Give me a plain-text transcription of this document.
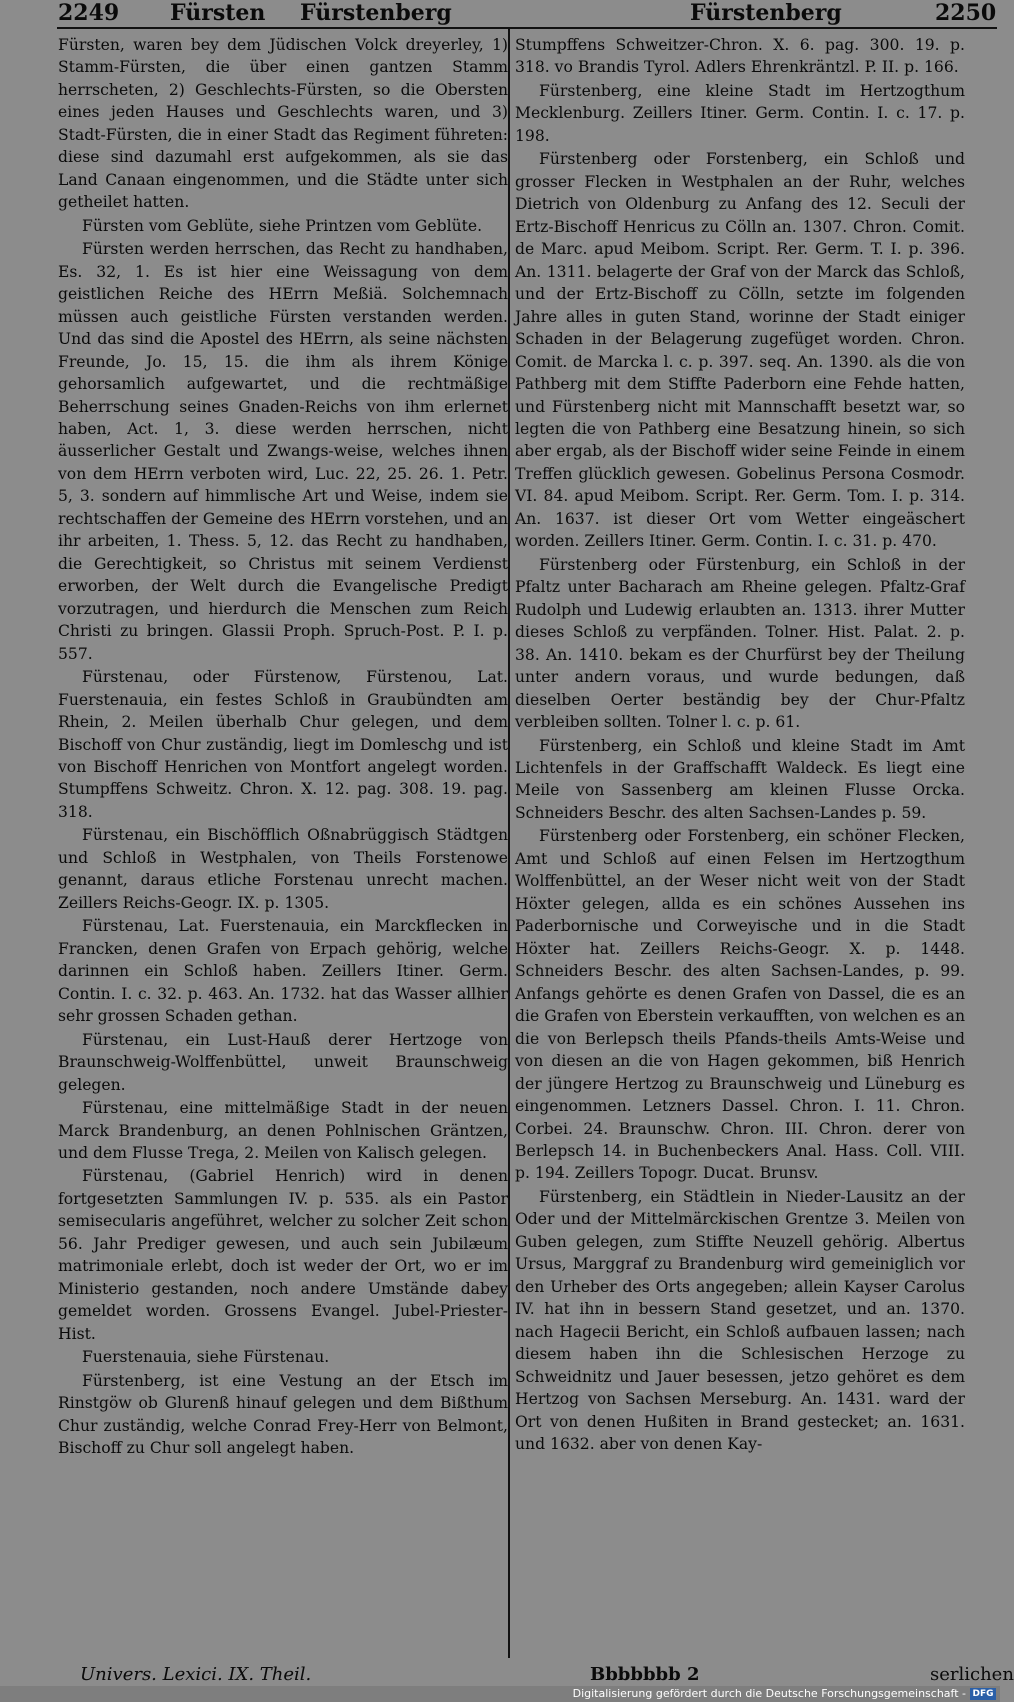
2249 Fürsten Fürstenberg	Fürstenberg	2250

Fürsten, waren bey dem Jüdischen Volck dreyerley, 1) Stamm-Fürsten, die über einen gantzen Stamm herrscheten, 2) Geschlechts-Fürsten, so die Obersten eines jeden Hauses und Geschlechts waren, und 3) Stadt-Fürsten, die in einer Stadt das Regiment führeten: diese sind dazumahl erst aufgekommen, als sie das Land Canaan eingenommen, und die Städte unter sich getheilet hatten.

Fürsten vom Geblüte, siehe Printzen vom Geblüte.

Fürsten werden herrschen, das Recht zu handhaben, Es. 32, 1. Es ist hier eine Weissagung von dem geistlichen Reiche des HErrn Meßiä. Solchemnach müssen auch geistliche Fürsten verstanden werden. Und das sind die Apostel des HErrn, als seine nächsten Freunde, Jo. 15, 15. die ihm als ihrem Könige gehorsamlich aufgewartet, und die rechtmäßige Beherrschung seines Gnaden-Reichs von ihm erlernet haben, Act. 1, 3. diese werden herrschen, nicht äusserlicher Gestalt und Zwangs-weise, welches ihnen von dem HErrn verboten wird, Luc. 22, 25. 26. 1. Petr. 5, 3. sondern auf himmlische Art und Weise, indem sie rechtschaffen der Gemeine des HErrn vorstehen, und an ihr arbeiten, 1. Thess. 5, 12. das Recht zu handhaben, die Gerechtigkeit, so Christus mit seinem Verdienst erworben, der Welt durch die Evangelische Predigt vorzutragen, und hierdurch die Menschen zum Reich Christi zu bringen. Glassii Proph. Spruch-Post. P. I. p. 557.

Fürstenau, oder Fürstenow, Fürstenou, Lat. Fuerstenauia, ein festes Schloß in Graubündten am Rhein, 2. Meilen überhalb Chur gelegen, und dem Bischoff von Chur zuständig, liegt im Domleschg und ist von Bischoff Henrichen von Montfort angelegt worden. Stumpffens Schweitz. Chron. X. 12. pag. 308. 19. pag. 318.

Fürstenau, ein Bischöfflich Oßnabrüggisch Städtgen und Schloß in Westphalen, von Theils Forstenowe genannt, daraus etliche Forstenau unrecht machen. Zeillers Reichs-Geogr. IX. p. 1305.

Fürstenau, Lat. Fuerstenauia, ein Marckflecken in Francken, denen Grafen von Erpach gehörig, welche darinnen ein Schloß haben. Zeillers Itiner. Germ. Contin. I. c. 32. p. 463. An. 1732. hat das Wasser allhier sehr grossen Schaden gethan.

Fürstenau, ein Lust-Hauß derer Hertzoge von Braunschweig-Wolffenbüttel, unweit Braunschweig gelegen.

Fürstenau, eine mittelmäßige Stadt in der neuen Marck Brandenburg, an denen Pohlnischen Gräntzen, und dem Flusse Trega, 2. Meilen von Kalisch gelegen.

Fürstenau, (Gabriel Henrich) wird in denen fortgesetzten Sammlungen IV. p. 535. als ein Pastor semisecularis angeführet, welcher zu solcher Zeit schon 56. Jahr Prediger gewesen, und auch sein Jubilæum matrimoniale erlebt, doch ist weder der Ort, wo er im Ministerio gestanden, noch andere Umstände dabey gemeldet worden. Grossens Evangel. Jubel-Priester-Hist.

Fuerstenauia, siehe Fürstenau.

Fürstenberg, ist eine Vestung an der Etsch im Rinstgöw ob Glurenß hinauf gelegen und dem Bißthum Chur zuständig, welche Conrad Frey-Herr von Belmont, Bischoff zu Chur soll angelegt haben.

Stumpffens Schweitzer-Chron. X. 6. pag. 300. 19. p. 318. vo Brandis Tyrol. Adlers Ehrenkräntzl. P. II. p. 166.

Fürstenberg, eine kleine Stadt im Hertzogthum Mecklenburg. Zeillers Itiner. Germ. Contin. I. c. 17. p. 198.

Fürstenberg oder Forstenberg, ein Schloß und grosser Flecken in Westphalen an der Ruhr, welches Dietrich von Oldenburg zu Anfang des 12. Seculi der Ertz-Bischoff Henricus zu Cölln an. 1307. Chron. Comit. de Marc. apud Meibom. Script. Rer. Germ. T. I. p. 396. An. 1311. belagerte der Graf von der Marck das Schloß, und der Ertz-Bischoff zu Cölln, setzte im folgenden Jahre alles in guten Stand, worinne der Stadt einiger Schaden in der Belagerung zugefüget worden. Chron. Comit. de Marcka l. c. p. 397. seq. An. 1390. als die von Pathberg mit dem Stiffte Paderborn eine Fehde hatten, und Fürstenberg nicht mit Mannschafft besetzt war, so legten die von Pathberg eine Besatzung hinein, so sich aber ergab, als der Bischoff wider seine Feinde in einem Treffen glücklich gewesen. Gobelinus Persona Cosmodr. VI. 84. apud Meibom. Script. Rer. Germ. Tom. I. p. 314. An. 1637. ist dieser Ort vom Wetter eingeäschert worden. Zeillers Itiner. Germ. Contin. I. c. 31. p. 470.

Fürstenberg oder Fürstenburg, ein Schloß in der Pfaltz unter Bacharach am Rheine gelegen. Pfaltz-Graf Rudolph und Ludewig erlaubten an. 1313. ihrer Mutter dieses Schloß zu verpfänden. Tolner. Hist. Palat. 2. p. 38. An. 1410. bekam es der Churfürst bey der Theilung unter andern voraus, und wurde bedungen, daß dieselben Oerter beständig bey der Chur-Pfaltz verbleiben sollten. Tolner l. c. p. 61.

Fürstenberg, ein Schloß und kleine Stadt im Amt Lichtenfels in der Graffschafft Waldeck. Es liegt eine Meile von Sassenberg am kleinen Flusse Orcka. Schneiders Beschr. des alten Sachsen-Landes p. 59.

Fürstenberg oder Forstenberg, ein schöner Flecken, Amt und Schloß auf einen Felsen im Hertzogthum Wolffenbüttel, an der Weser nicht weit von der Stadt Höxter gelegen, allda es ein schönes Aussehen ins Paderbornische und Corweyische und in die Stadt Höxter hat. Zeillers Reichs-Geogr. X. p. 1448. Schneiders Beschr. des alten Sachsen-Landes, p. 99. Anfangs gehörte es denen Grafen von Dassel, die es an die Grafen von Eberstein verkaufften, von welchen es an die von Berlepsch theils Pfands-theils Amts-Weise und von diesen an die von Hagen gekommen, biß Henrich der jüngere Hertzog zu Braunschweig und Lüneburg es eingenommen. Letzners Dassel. Chron. I. 11. Chron. Corbei. 24. Braunschw. Chron. III. Chron. derer von Berlepsch 14. in Buchenbeckers Anal. Hass. Coll. VIII. p. 194. Zeillers Topogr. Ducat. Brunsv.

Fürstenberg, ein Städtlein in Nieder-Lausitz an der Oder und der Mittelmärckischen Grentze 3. Meilen von Guben gelegen, zum Stiffte Neuzell gehörig. Albertus Ursus, Marggraf zu Brandenburg wird gemeiniglich vor den Urheber des Orts angegeben; allein Kayser Carolus IV. hat ihn in bessern Stand gesetzet, und an. 1370. nach Hagecii Bericht, ein Schloß aufbauen lassen; nach diesem haben ihn die Schlesischen Herzoge zu Schweidnitz und Jauer besessen, jetzo gehöret es dem Hertzog von Sachsen Merseburg. An. 1431. ward der Ort von denen Hußiten in Brand gestecket; an. 1631. und 1632. aber von denen Kay-

Univers. Lexici. IX. Theil.	Bbbbbbb 2	serlichen
Digitalisierung gefördert durch die Deutsche Forschungsgemeinschaft - DFG
